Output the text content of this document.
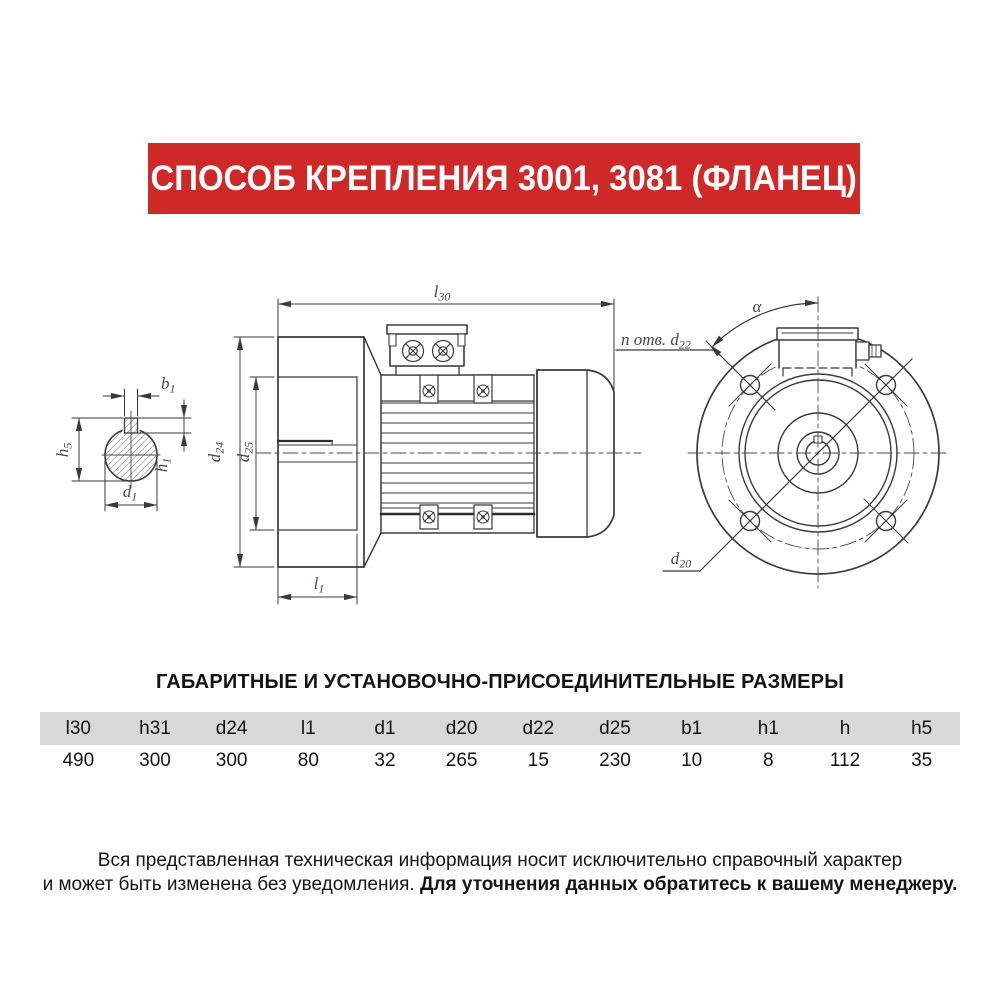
СПОСОБ КРЕПЛЕНИЯ 3001, 3081 (ФЛАНЕЦ)
$b_1$
$h_5$
$h_1$
$d_1$
$l_{30}$
$d_{24}$
$d_{25}$
$l_1$
α
n отв. $d_{22}$
$d_{20}$
ГАБАРИТНЫЕ И УСТАНОВОЧНО-ПРИСОЕДИНИТЕЛЬНЫЕ РАЗМЕРЫ
l30	h31	d24	l1	d1	d20	d22	d25	b1	h1	h	h5
490	300	300	80	32	265	15	230	10	8	112	35
Вся представленная техническая информация носит исключительно справочный характер
и может быть изменена без уведомления. Для уточнения данных обратитесь к вашему менеджеру.
